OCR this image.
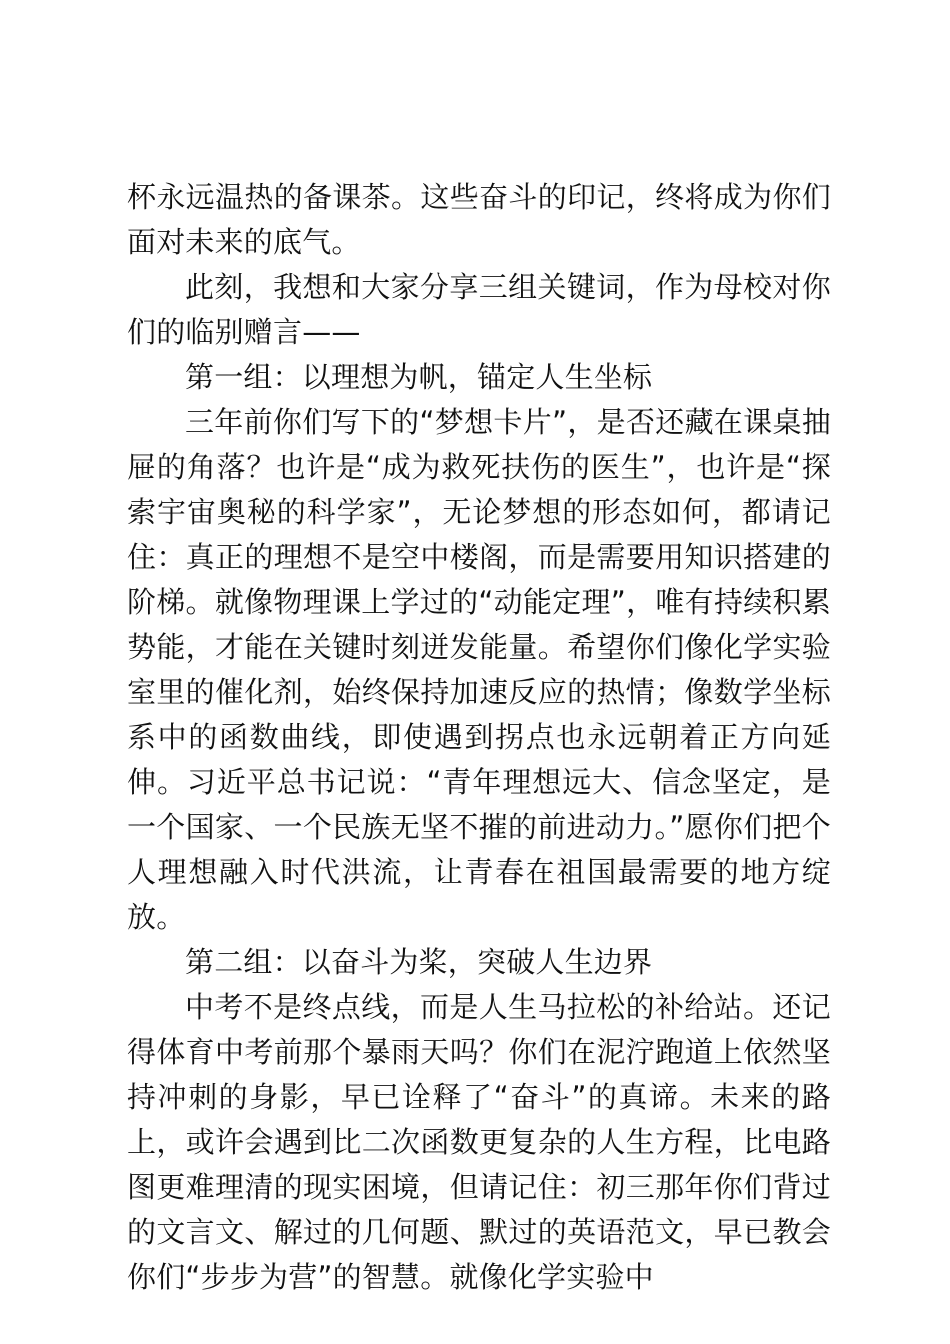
杯永远温热的备课茶。这些奋斗的印记，终将成为你们面对未来的底气。

此刻，我想和大家分享三组关键词，作为母校对你们的临别赠言——

第一组：以理想为帆，锚定人生坐标

三年前你们写下的“梦想卡片”，是否还藏在课桌抽屉的角落？也许是“成为救死扶伤的医生”，也许是“探索宇宙奥秘的科学家”，无论梦想的形态如何，都请记住：真正的理想不是空中楼阁，而是需要用知识搭建的阶梯。就像物理课上学过的“动能定理”，唯有持续积累势能，才能在关键时刻迸发能量。希望你们像化学实验室里的催化剂，始终保持加速反应的热情；像数学坐标系中的函数曲线，即使遇到拐点也永远朝着正方向延伸。习近平总书记说：“青年理想远大、信念坚定，是一个国家、一个民族无坚不摧的前进动力。”愿你们把个人理想融入时代洪流，让青春在祖国最需要的地方绽放。

第二组：以奋斗为桨，突破人生边界

中考不是终点线，而是人生马拉松的补给站。还记得体育中考前那个暴雨天吗？你们在泥泞跑道上依然坚持冲刺的身影，早已诠释了“奋斗”的真谛。未来的路上，或许会遇到比二次函数更复杂的人生方程，比电路图更难理清的现实困境，但请记住：初三那年你们背过的文言文、解过的几何题、默过的英语范文，早已教会你们“步步为营”的智慧。就像化学实验中
